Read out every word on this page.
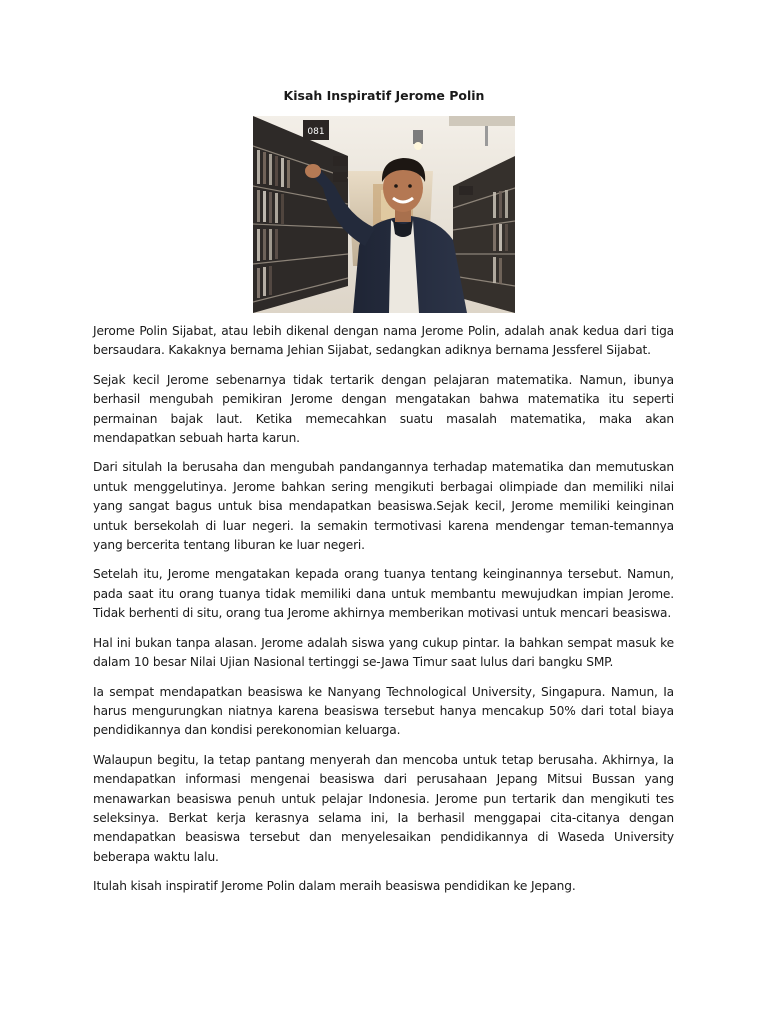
Kisah Inspiratif Jerome Polin
081

Jerome Polin Sijabat, atau lebih dikenal dengan nama Jerome Polin, adalah anak kedua dari tiga bersaudara. Kakaknya bernama Jehian Sijabat, sedangkan adiknya bernama Jessferel Sijabat.

Sejak kecil Jerome sebenarnya tidak tertarik dengan pelajaran matematika. Namun, ibunya berhasil mengubah pemikiran Jerome dengan mengatakan bahwa matematika itu seperti permainan bajak laut. Ketika memecahkan suatu masalah matematika, maka akan mendapatkan sebuah harta karun.

Dari situlah Ia berusaha dan mengubah pandangannya terhadap matematika dan memutuskan untuk menggelutinya. Jerome bahkan sering mengikuti berbagai olimpiade dan memiliki nilai yang sangat bagus untuk bisa mendapatkan beasiswa.Sejak kecil, Jerome memiliki keinginan untuk bersekolah di luar negeri. Ia semakin termotivasi karena mendengar teman-temannya yang bercerita tentang liburan ke luar negeri.

Setelah itu, Jerome mengatakan kepada orang tuanya tentang keinginannya tersebut. Namun, pada saat itu orang tuanya tidak memiliki dana untuk membantu mewujudkan impian Jerome. Tidak berhenti di situ, orang tua Jerome akhirnya memberikan motivasi untuk mencari beasiswa.

Hal ini bukan tanpa alasan. Jerome adalah siswa yang cukup pintar. Ia bahkan sempat masuk ke dalam 10 besar Nilai Ujian Nasional tertinggi se-Jawa Timur saat lulus dari bangku SMP.

Ia sempat mendapatkan beasiswa ke Nanyang Technological University, Singapura. Namun, Ia harus mengurungkan niatnya karena beasiswa tersebut hanya mencakup 50% dari total biaya pendidikannya dan kondisi perekonomian keluarga.

Walaupun begitu, Ia tetap pantang menyerah dan mencoba untuk tetap berusaha. Akhirnya, Ia mendapatkan informasi mengenai beasiswa dari perusahaan Jepang Mitsui Bussan yang menawarkan beasiswa penuh untuk pelajar Indonesia. Jerome pun tertarik dan mengikuti tes seleksinya. Berkat kerja kerasnya selama ini, Ia berhasil menggapai cita-citanya dengan mendapatkan beasiswa tersebut dan menyelesaikan pendidikannya di Waseda University beberapa waktu lalu.

Itulah kisah inspiratif Jerome Polin dalam meraih beasiswa pendidikan ke Jepang.
